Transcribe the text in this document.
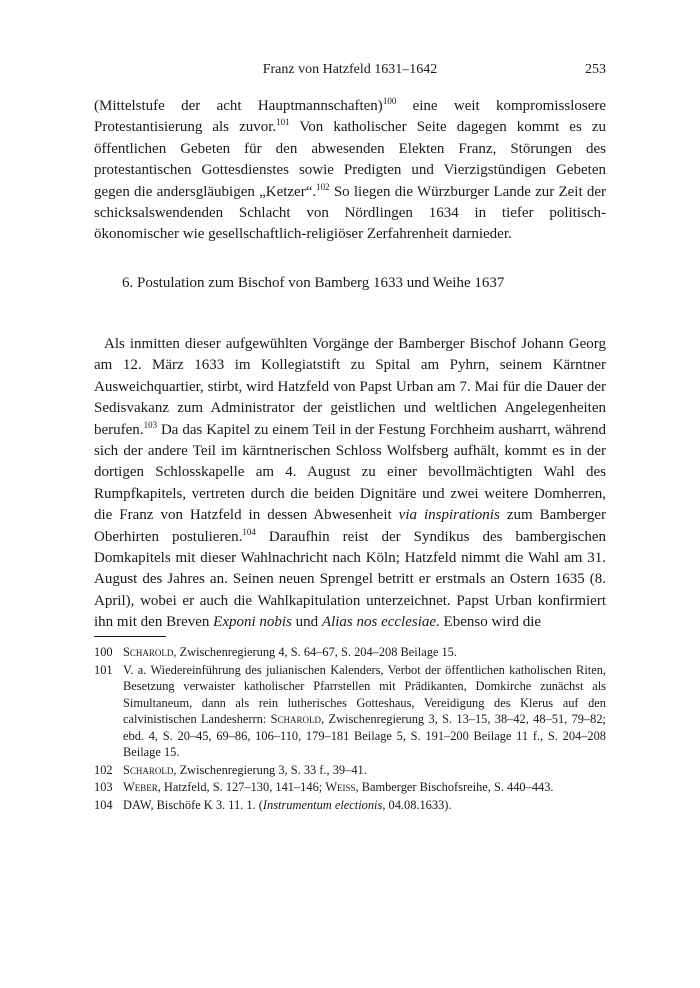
Franz von Hatzfeld 1631–1642	253

(Mittelstufe der acht Hauptmannschaften)$^{100}$ eine weit kompromisslosere Protestantisierung als zuvor.$^{101}$ Von katholischer Seite dagegen kommt es zu öffentlichen Gebeten für den abwesenden Elekten Franz, Störungen des protestantischen Gottesdienstes sowie Predigten und Vierzigstündigen Gebeten gegen die andersgläubigen „Ketzer“.$^{102}$ So liegen die Würzburger Lande zur Zeit der schicksalswendenden Schlacht von Nördlingen 1634 in tiefer politisch-ökonomischer wie gesellschaftlich-religiöser Zerfahrenheit darnieder.

6. Postulation zum Bischof von Bamberg 1633 und Weihe 1637

Als inmitten dieser aufgewühlten Vorgänge der Bamberger Bischof Johann Georg am 12. März 1633 im Kollegiatstift zu Spital am Pyhrn, seinem Kärntner Ausweichquartier, stirbt, wird Hatzfeld von Papst Urban am 7. Mai für die Dauer der Sedisvakanz zum Administrator der geistlichen und weltlichen Angelegenheiten berufen.$^{103}$ Da das Kapitel zu einem Teil in der Festung Forchheim ausharrt, während sich der andere Teil im kärntnerischen Schloss Wolfsberg aufhält, kommt es in der dortigen Schlosskapelle am 4. August zu einer bevollmächtigten Wahl des Rumpfkapitels, vertreten durch die beiden Dignitäre und zwei weitere Domherren, die Franz von Hatzfeld in dessen Abwesenheit via inspirationis zum Bamberger Oberhirten postulieren.$^{104}$ Daraufhin reist der Syndikus des bambergischen Domkapitels mit dieser Wahlnachricht nach Köln; Hatzfeld nimmt die Wahl am 31. August des Jahres an. Seinen neuen Sprengel betritt er erstmals an Ostern 1635 (8. April), wobei er auch die Wahlkapitulation unterzeichnet. Papst Urban konfirmiert ihn mit den Breven Exponi nobis und Alias nos ecclesiae. Ebenso wird die

100 Scharold, Zwischenregierung 4, S. 64–67, S. 204–208 Beilage 15.

101 V. a. Wiedereinführung des julianischen Kalenders, Verbot der öffentlichen katholischen Riten, Besetzung verwaister katholischer Pfarrstellen mit Prädikanten, Domkirche zunächst als Simultaneum, dann als rein lutherisches Gotteshaus, Vereidigung des Klerus auf den calvinistischen Landesherrn: Scharold, Zwischenregierung 3, S. 13–15, 38–42, 48–51, 79–82; ebd. 4, S. 20–45, 69–86, 106–110, 179–181 Beilage 5, S. 191–200 Beilage 11 f., S. 204–208 Beilage 15.

102 Scharold, Zwischenregierung 3, S. 33 f., 39–41.

103 Weber, Hatzfeld, S. 127–130, 141–146; Weiss, Bamberger Bischofsreihe, S. 440–443.

104 DAW, Bischöfe K 3. 11. 1. (Instrumentum electionis, 04.08.1633).
